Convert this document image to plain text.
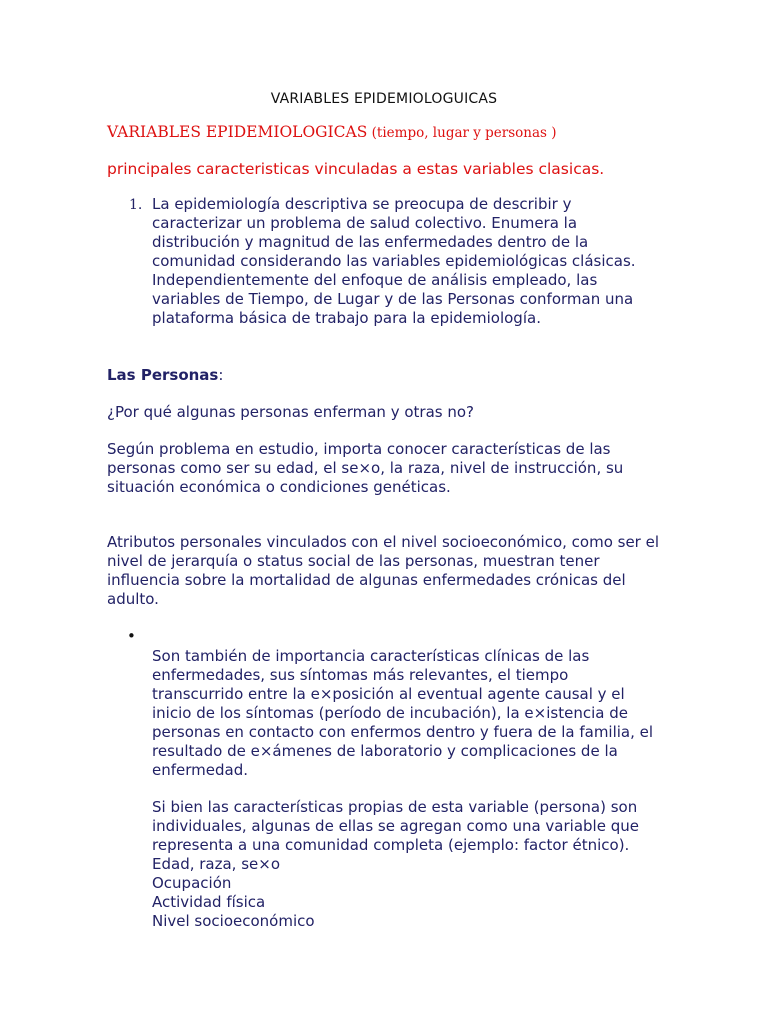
VARIABLES EPIDEMIOLOGUICAS
VARIABLES EPIDEMIOLOGICAS (tiempo, lugar y personas )
principales caracteristicas vinculadas a estas variables clasicas.
1. La epidemiología descriptiva se preocupa de describir y caracterizar un problema de salud colectivo. Enumera la distribución y magnitud de las enfermedades dentro de la comunidad considerando las variables epidemiológicas clásicas. Independientemente del enfoque de análisis empleado, las variables de Tiempo, de Lugar y de las Personas conforman una plataforma básica de trabajo para la epidemiología.
Las Personas:
¿Por qué algunas personas enferman y otras no?
Según problema en estudio, importa conocer características de las personas como ser su edad, el se×o, la raza, nivel de instrucción, su situación económica o condiciones genéticas.
Atributos personales vinculados con el nivel socioeconómico, como ser el nivel de jerarquía o status social de las personas, muestran tener influencia sobre la mortalidad de algunas enfermedades crónicas del adulto.
•
Son también de importancia características clínicas de las enfermedades, sus síntomas más relevantes, el tiempo transcurrido entre la e×posición al eventual agente causal y el inicio de los síntomas (período de incubación), la e×istencia de personas en contacto con enfermos dentro y fuera de la familia, el resultado de e×ámenes de laboratorio y complicaciones de la enfermedad.
Si bien las características propias de esta variable (persona) son individuales, algunas de ellas se agregan como una variable que representa a una comunidad completa (ejemplo: factor étnico).
Edad, raza, se×o
Ocupación
Actividad física
Nivel socioeconómico
